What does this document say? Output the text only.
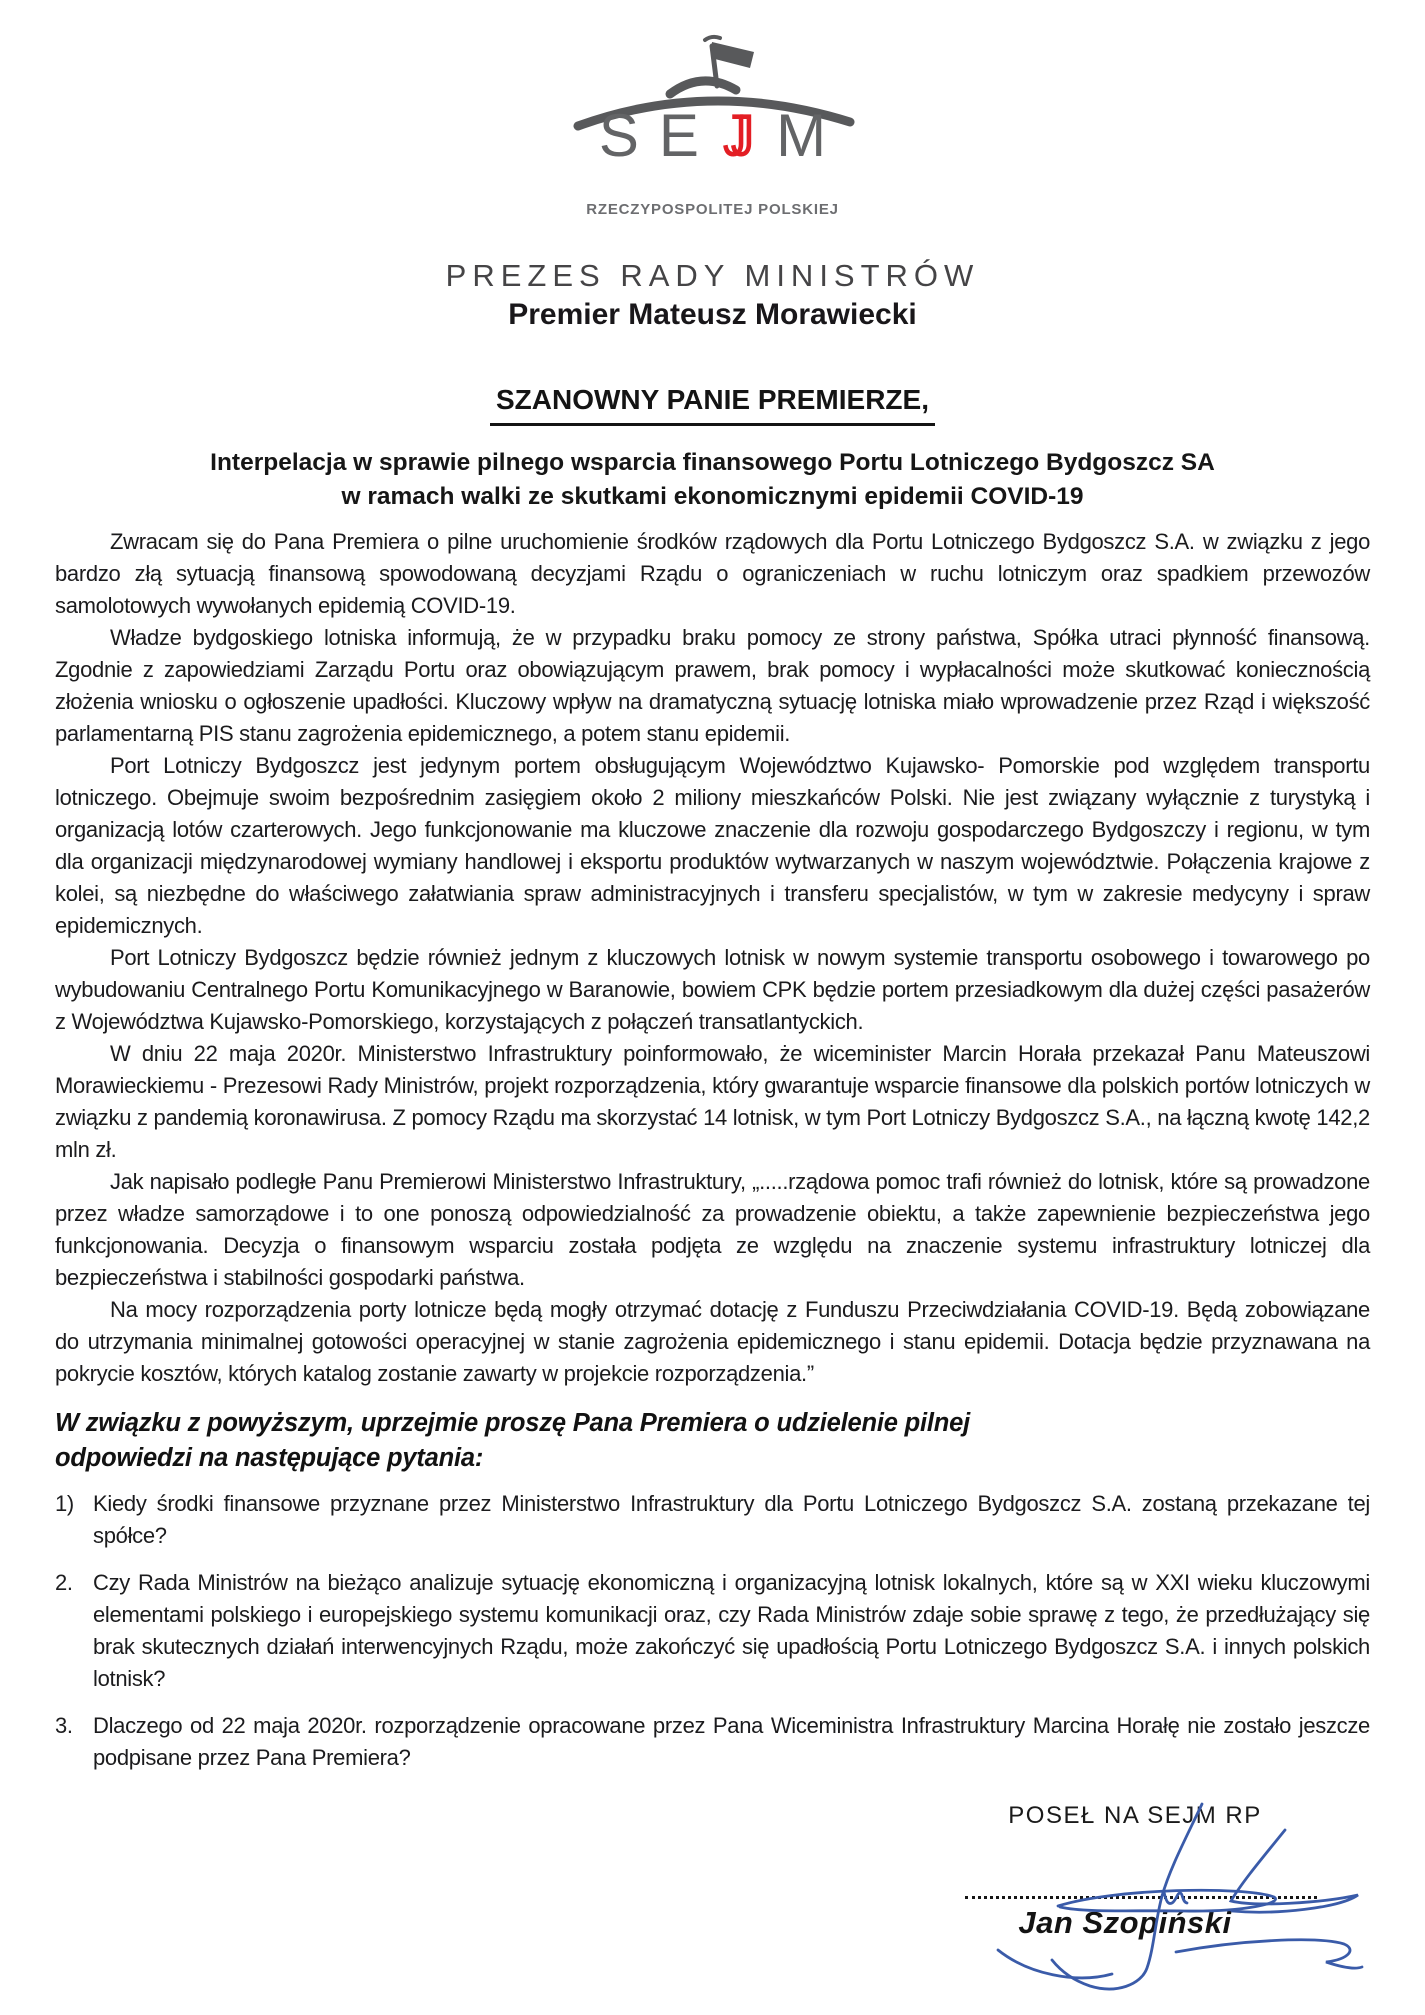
S E JJ M
RZECZYPOSPOLITEJ POLSKIEJ
PREZES RADY MINISTRÓW
Premier Mateusz Morawiecki
SZANOWNY PANIE PREMIERZE,
Interpelacja w sprawie pilnego wsparcia finansowego Portu Lotniczego Bydgoszcz SA
w ramach walki ze skutkami ekonomicznymi epidemii COVID-19

Zwracam się do Pana Premiera o pilne uruchomienie środków rządowych dla Portu Lotniczego Bydgoszcz S.A. w związku z jego bardzo złą sytuacją finansową spowodowaną decyzjami Rządu o ograniczeniach w ruchu lotniczym oraz spadkiem przewozów samolotowych wywołanych epidemią COVID-19.

Władze bydgoskiego lotniska informują, że w przypadku braku pomocy ze strony państwa, Spółka utraci płynność finansową. Zgodnie z zapowiedziami Zarządu Portu oraz obowiązującym prawem, brak pomocy i wypłacalności może skutkować koniecznością złożenia wniosku o ogłoszenie upadłości. Kluczowy wpływ na dramatyczną sytuację lotniska miało wprowadzenie przez Rząd i większość parlamentarną PIS stanu zagrożenia epidemicznego, a potem stanu epidemii.

Port Lotniczy Bydgoszcz jest jedynym portem obsługującym Województwo Kujawsko- Pomorskie pod względem transportu lotniczego. Obejmuje swoim bezpośrednim zasięgiem około 2 miliony mieszkańców Polski. Nie jest związany wyłącznie z turystyką i organizacją lotów czarterowych. Jego funkcjonowanie ma kluczowe znaczenie dla rozwoju gospodarczego Bydgoszczy i regionu, w tym dla organizacji międzynarodowej wymiany handlowej i eksportu produktów wytwarzanych w naszym województwie. Połączenia krajowe z kolei, są niezbędne do właściwego załatwiania spraw administracyjnych i transferu specjalistów, w tym w zakresie medycyny i spraw epidemicznych.

Port Lotniczy Bydgoszcz będzie również jednym z kluczowych lotnisk w nowym systemie transportu osobowego i towarowego po wybudowaniu Centralnego Portu Komunikacyjnego w Baranowie, bowiem CPK będzie portem przesiadkowym dla dużej części pasażerów z Województwa Kujawsko-Pomorskiego, korzystających z połączeń transatlantyckich.

W dniu 22 maja 2020r. Ministerstwo Infrastruktury poinformowało, że wiceminister Marcin Horała przekazał Panu Mateuszowi Morawieckiemu - Prezesowi Rady Ministrów, projekt rozporządzenia, który gwarantuje wsparcie finansowe dla polskich portów lotniczych w związku z pandemią koronawirusa. Z pomocy Rządu ma skorzystać 14 lotnisk, w tym Port Lotniczy Bydgoszcz S.A., na łączną kwotę 142,2 mln zł.

Jak napisało podległe Panu Premierowi Ministerstwo Infrastruktury, „.....rządowa pomoc trafi również do lotnisk, które są prowadzone przez władze samorządowe i to one ponoszą odpowiedzialność za prowadzenie obiektu, a także zapewnienie bezpieczeństwa jego funkcjonowania. Decyzja o finansowym wsparciu została podjęta ze względu na znaczenie systemu infrastruktury lotniczej dla bezpieczeństwa i stabilności gospodarki państwa.

Na mocy rozporządzenia porty lotnicze będą mogły otrzymać dotację z Funduszu Przeciwdziałania COVID-19. Będą zobowiązane do utrzymania minimalnej gotowości operacyjnej w stanie zagrożenia epidemicznego i stanu epidemii. Dotacja będzie przyznawana na pokrycie kosztów, których katalog zostanie zawarty w projekcie rozporządzenia.”

W związku z powyższym, uprzejmie proszę Pana Premiera o udzielenie pilnej
odpowiedzi na następujące pytania:
1) Kiedy środki finansowe przyznane przez Ministerstwo Infrastruktury dla Portu Lotniczego Bydgoszcz S.A. zostaną przekazane tej spółce?
2. Czy Rada Ministrów na bieżąco analizuje sytuację ekonomiczną i organizacyjną lotnisk lokalnych, które są w XXI wieku kluczowymi elementami polskiego i europejskiego systemu komunikacji oraz, czy Rada Ministrów zdaje sobie sprawę z tego, że przedłużający się brak skutecznych działań interwencyjnych Rządu, może zakończyć się upadłością Portu Lotniczego Bydgoszcz S.A. i innych polskich lotnisk?
3. Dlaczego od 22 maja 2020r. rozporządzenie opracowane przez Pana Wiceministra Infrastruktury Marcina Horałę nie zostało jeszcze podpisane przez Pana Premiera?
POSEŁ NA SEJM RP
Jan Szopiński
